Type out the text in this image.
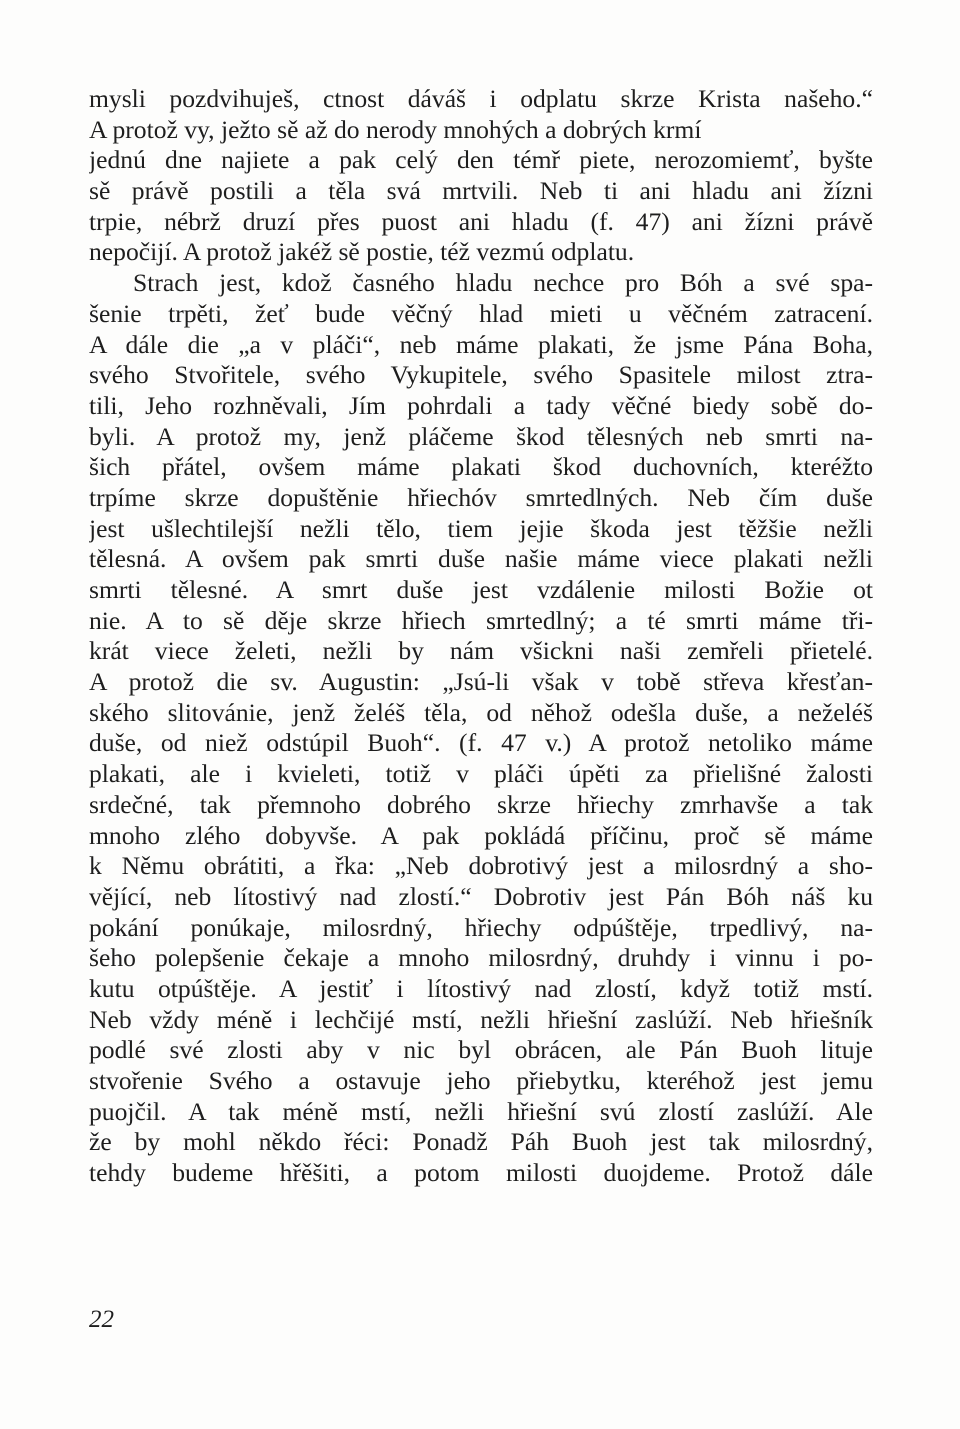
mysli pozdvihuješ, ctnost dáváš i odplatu skrze Krista našeho.“
A protož vy, ježto sě až do nerody mnohých a dobrých krmí
jednú dne najiete a pak celý den témř piete, nerozomiemť, byšte
sě právě postili a těla svá mrtvili. Neb ti ani hladu ani žízni
trpie, nébrž druzí přes puost ani hladu (f. 47) ani žízni právě
nepočijí. A protož jakéž sě postie, též vezmú odplatu.
Strach jest, kdož časného hladu nechce pro Bóh a své spa-
šenie trpěti, žeť bude věčný hlad mieti u věčném zatracení.
A dále die „a v pláči“, neb máme plakati, že jsme Pána Boha,
svého Stvořitele, svého Vykupitele, svého Spasitele milost ztra-
tili, Jeho rozhněvali, Jím pohrdali a tady věčné biedy sobě do-
byli. A protož my, jenž pláčeme škod tělesných neb smrti na-
šich přátel, ovšem máme plakati škod duchovních, kteréžto
trpíme skrze dopuštěnie hřiechóv smrtedlných. Neb čím duše
jest ušlechtilejší nežli tělo, tiem jejie škoda jest těžšie nežli
tělesná. A ovšem pak smrti duše našie máme viece plakati nežli
smrti tělesné. A smrt duše jest vzdálenie milosti Božie ot
nie. A to sě děje skrze hřiech smrtedlný; a té smrti máme tři-
krát viece želeti, nežli by nám všickni naši zemřeli přietelé.
A protož die sv. Augustin: „Jsú-li však v tobě střeva křesťan-
ského slitovánie, jenž želéš těla, od něhož odešla duše, a neželéš
duše, od niež odstúpil Buoh“. (f. 47 v.) A protož netoliko máme
plakati, ale i kvieleti, totiž v pláči úpěti za přielišné žalosti
srdečné, tak přemnoho dobrého skrze hřiechy zmrhavše a tak
mnoho zlého dobyvše. A pak pokládá příčinu, proč sě máme
k Němu obrátiti, a řka: „Neb dobrotivý jest a milosrdný a sho-
vějící, neb lítostivý nad zlostí.“ Dobrotiv jest Pán Bóh náš ku
pokání ponúkaje, milosrdný, hřiechy odpúštěje, trpedlivý, na-
šeho polepšenie čekaje a mnoho milosrdný, druhdy i vinnu i po-
kutu otpúštěje. A jestiť i lítostivý nad zlostí, když totiž mstí.
Neb vždy méně i lechčijé mstí, nežli hřiešní zaslúží. Neb hřiešník
podlé své zlosti aby v nic byl obrácen, ale Pán Buoh lituje
stvořenie Svého a ostavuje jeho přiebytku, kteréhož jest jemu
puojčil. A tak méně mstí, nežli hřiešní svú zlostí zaslúží. Ale
že by mohl někdo řéci: Ponadž Páh Buoh jest tak milosrdný,
tehdy budeme hřěšiti, a potom milosti duojdeme. Protož dále
22
